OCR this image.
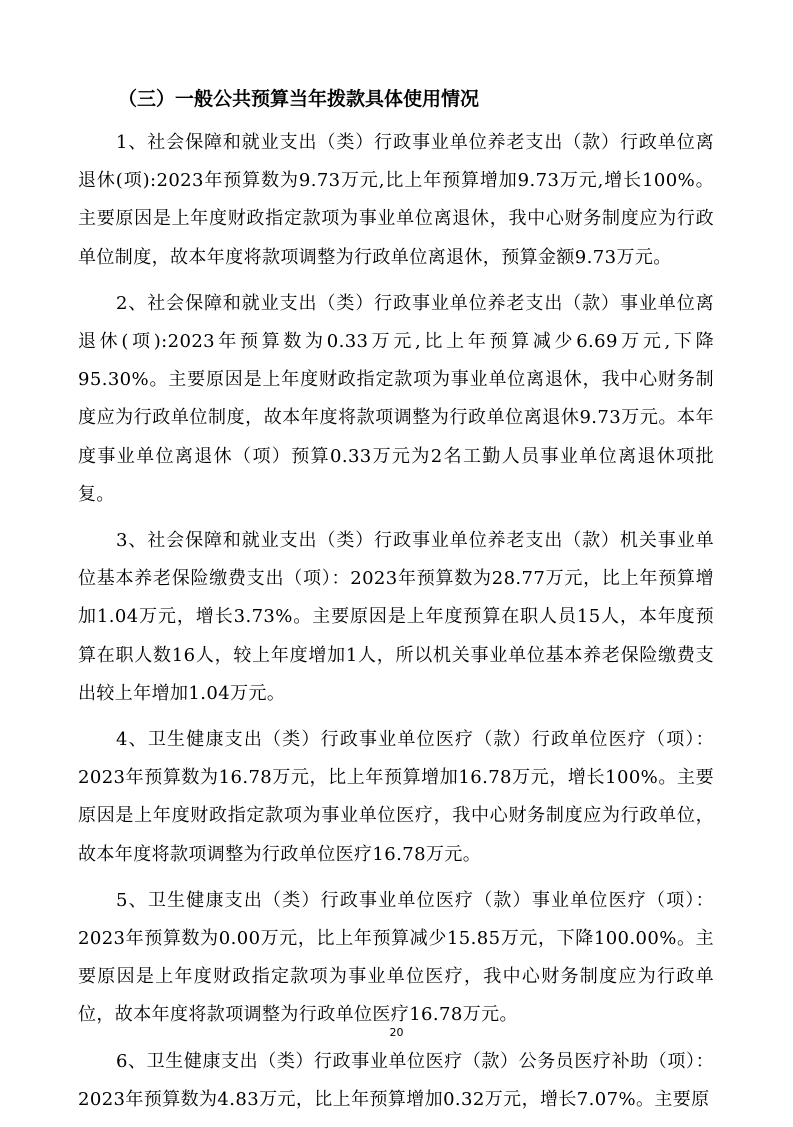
（三）一般公共预算当年拨款具体使用情况

1、社会保障和就业支出（类）行政事业单位养老支出（款）行政单位离退休(项):2023年预算数为9.73万元,比上年预算增加9.73万元,增长100%。主要原因是上年度财政指定款项为事业单位离退休，我中心财务制度应为行政单位制度，故本年度将款项调整为行政单位离退休，预算金额9.73万元。

2、社会保障和就业支出（类）行政事业单位养老支出（款）事业单位离退休(项):2023年预算数为0.33万元,比上年预算减少6.69万元,下降95.30%。主要原因是上年度财政指定款项为事业单位离退休，我中心财务制度应为行政单位制度，故本年度将款项调整为行政单位离退休9.73万元。本年度事业单位离退休（项）预算0.33万元为2名工勤人员事业单位离退休项批复。

3、社会保障和就业支出（类）行政事业单位养老支出（款）机关事业单位基本养老保险缴费支出（项）：2023年预算数为28.77万元，比上年预算增加1.04万元，增长3.73%。主要原因是上年度预算在职人员15人，本年度预算在职人数16人，较上年度增加1人，所以机关事业单位基本养老保险缴费支出较上年增加1.04万元。

4、卫生健康支出（类）行政事业单位医疗（款）行政单位医疗（项）：2023年预算数为16.78万元，比上年预算增加16.78万元，增长100%。主要原因是上年度财政指定款项为事业单位医疗，我中心财务制度应为行政单位，故本年度将款项调整为行政单位医疗16.78万元。

5、卫生健康支出（类）行政事业单位医疗（款）事业单位医疗（项）：2023年预算数为0.00万元，比上年预算减少15.85万元，下降100.00%。主要原因是上年度财政指定款项为事业单位医疗，我中心财务制度应为行政单位，故本年度将款项调整为行政单位医疗16.78万元。

6、卫生健康支出（类）行政事业单位医疗（款）公务员医疗补助（项）：2023年预算数为4.83万元，比上年预算增加0.32万元，增长7.07%。主要原

20
